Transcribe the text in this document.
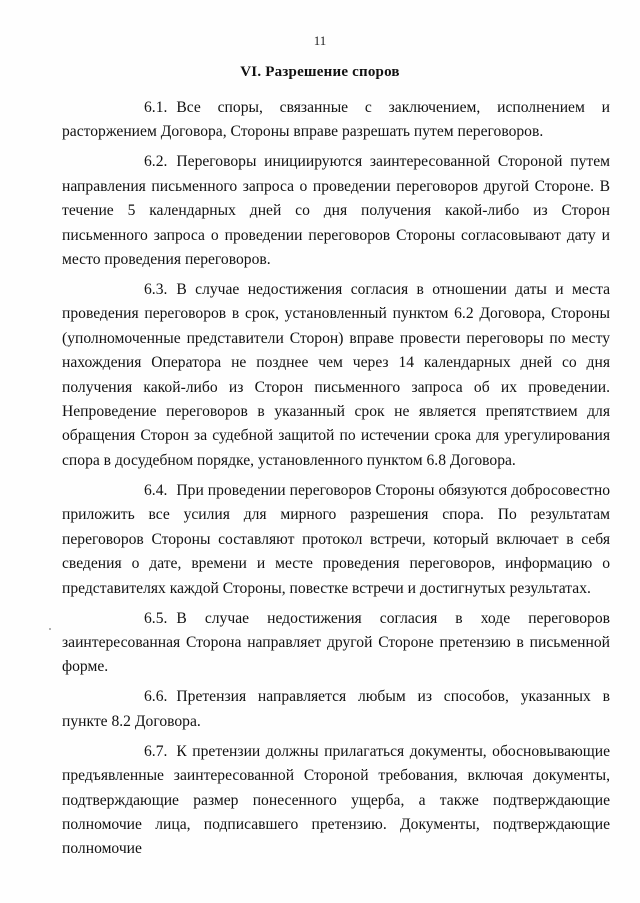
11
VI. Разрешение споров

6.1. Все споры, связанные с заключением, исполнением и расторжением Договора, Стороны вправе разрешать путем переговоров.

6.2. Переговоры инициируются заинтересованной Стороной путем направления письменного запроса о проведении переговоров другой Стороне. В течение 5 календарных дней со дня получения какой-либо из Сторон письменного запроса о проведении переговоров Стороны согласовывают дату и место проведения переговоров.

6.3. В случае недостижения согласия в отношении даты и места проведения переговоров в срок, установленный пунктом 6.2 Договора, Стороны (уполномоченные представители Сторон) вправе провести переговоры по месту нахождения Оператора не позднее чем через 14 календарных дней со дня получения какой-либо из Сторон письменного запроса об их проведении. Непроведение переговоров в указанный срок не является препятствием для обращения Сторон за судебной защитой по истечении срока для урегулирования спора в досудебном порядке, установленного пунктом 6.8 Договора.

6.4. При проведении переговоров Стороны обязуются добросовестно приложить все усилия для мирного разрешения спора. По результатам переговоров Стороны составляют протокол встречи, который включает в себя сведения о дате, времени и месте проведения переговоров, информацию о представителях каждой Стороны, повестке встречи и достигнутых результатах.

6.5. В случае недостижения согласия в ходе переговоров заинтересованная Сторона направляет другой Стороне претензию в письменной форме.

6.6. Претензия направляется любым из способов, указанных в пункте 8.2 Договора.

6.7. К претензии должны прилагаться документы, обосновывающие предъявленные заинтересованной Стороной требования, включая документы, подтверждающие размер понесенного ущерба, а также подтверждающие полномочие лица, подписавшего претензию. Документы, подтверждающие полномочие
